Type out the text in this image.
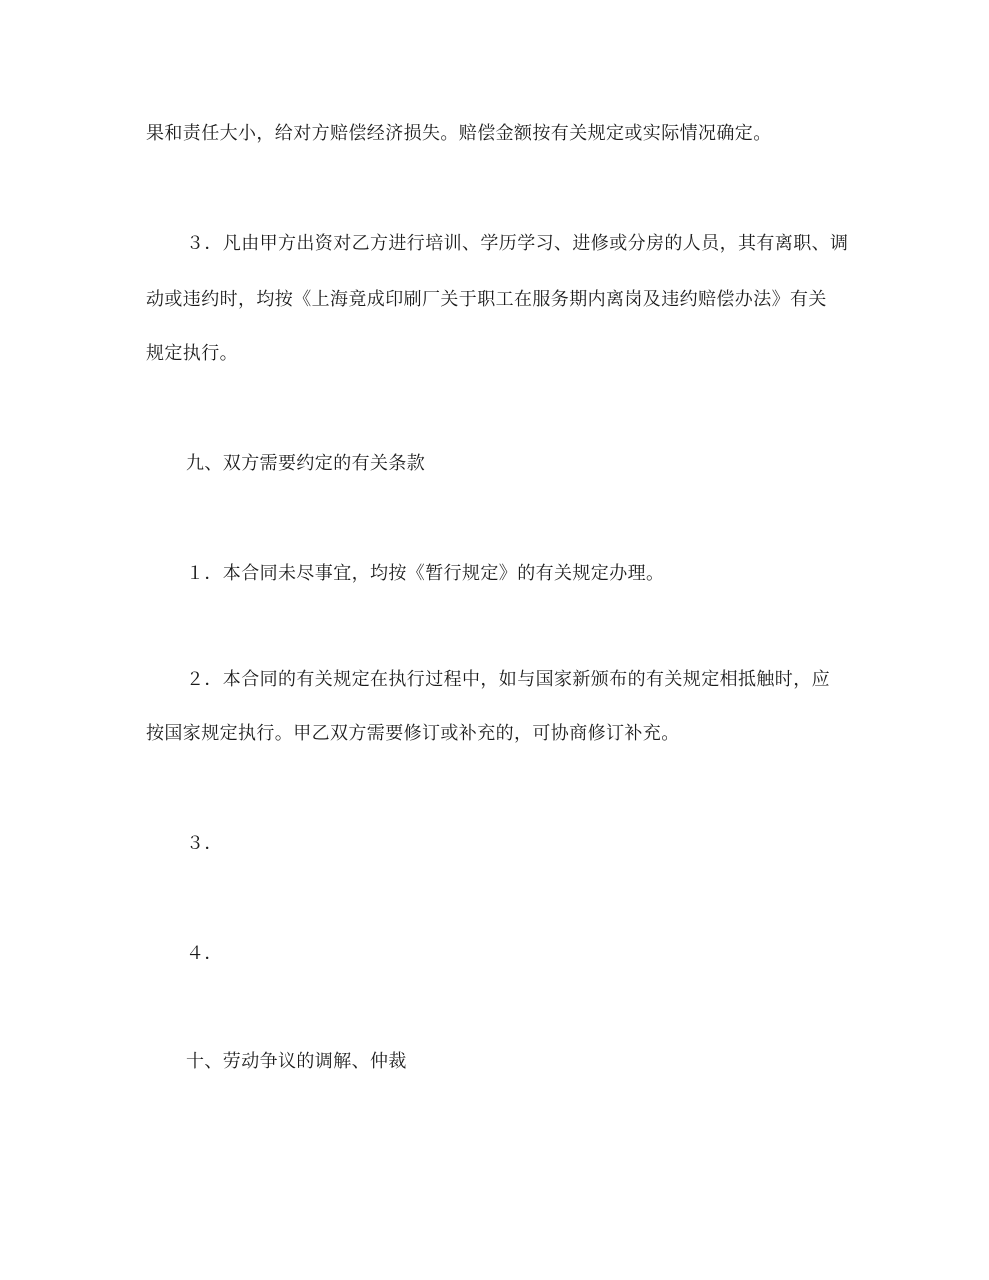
果和责任大小，给对方赔偿经济损失。赔偿金额按有关规定或实际情况确定。
３．凡由甲方出资对乙方进行培训、学历学习、进修或分房的人员，其有离职、调
动或违约时，均按《上海竟成印刷厂关于职工在服务期内离岗及违约赔偿办法》有关
规定执行。
九、双方需要约定的有关条款
１．本合同未尽事宜，均按《暂行规定》的有关规定办理。
２．本合同的有关规定在执行过程中，如与国家新颁布的有关规定相抵触时，应
按国家规定执行。甲乙双方需要修订或补充的，可协商修订补充。
３．
４．
十、劳动争议的调解、仲裁
